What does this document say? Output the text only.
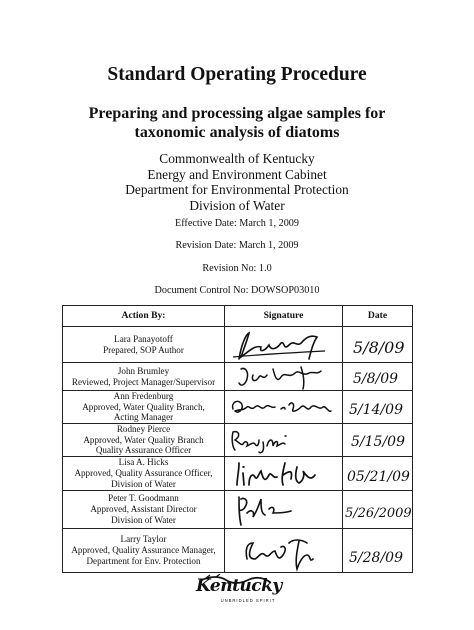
Standard Operating Procedure
Preparing and processing algae samples for
taxonomic analysis of diatoms
Commonwealth of Kentucky
Energy and Environment Cabinet
Department for Environmental Protection
Division of Water
Effective Date: March 1, 2009
Revision Date: March 1, 2009
Revision No: 1.0
Document Control No: DOWSOP03010
Action By:	Signature	Date

Lara Panayotoff
Prepared, SOP Author		5/8/09

John Brumley
Reviewed, Project Manager/Supervisor		5/8/09

Ann Fredenburg
Approved, Water Quality Branch,
Acting Manager		5/14/09

Rodney Pierce
Approved, Water Quality Branch
Quality Assurance Officer		5/15/09

Lisa A. Hicks
Approved, Quality Assurance Officer,
Division of Water		05/21/09

Peter T. Goodmann
Approved, Assistant Director
Division of Water		5/26/2009

Larry Taylor
Approved, Quality Assurance Manager,
Department for Env. Protection		5/28/09
Kentucky
UNBRIDLED SPIRIT
